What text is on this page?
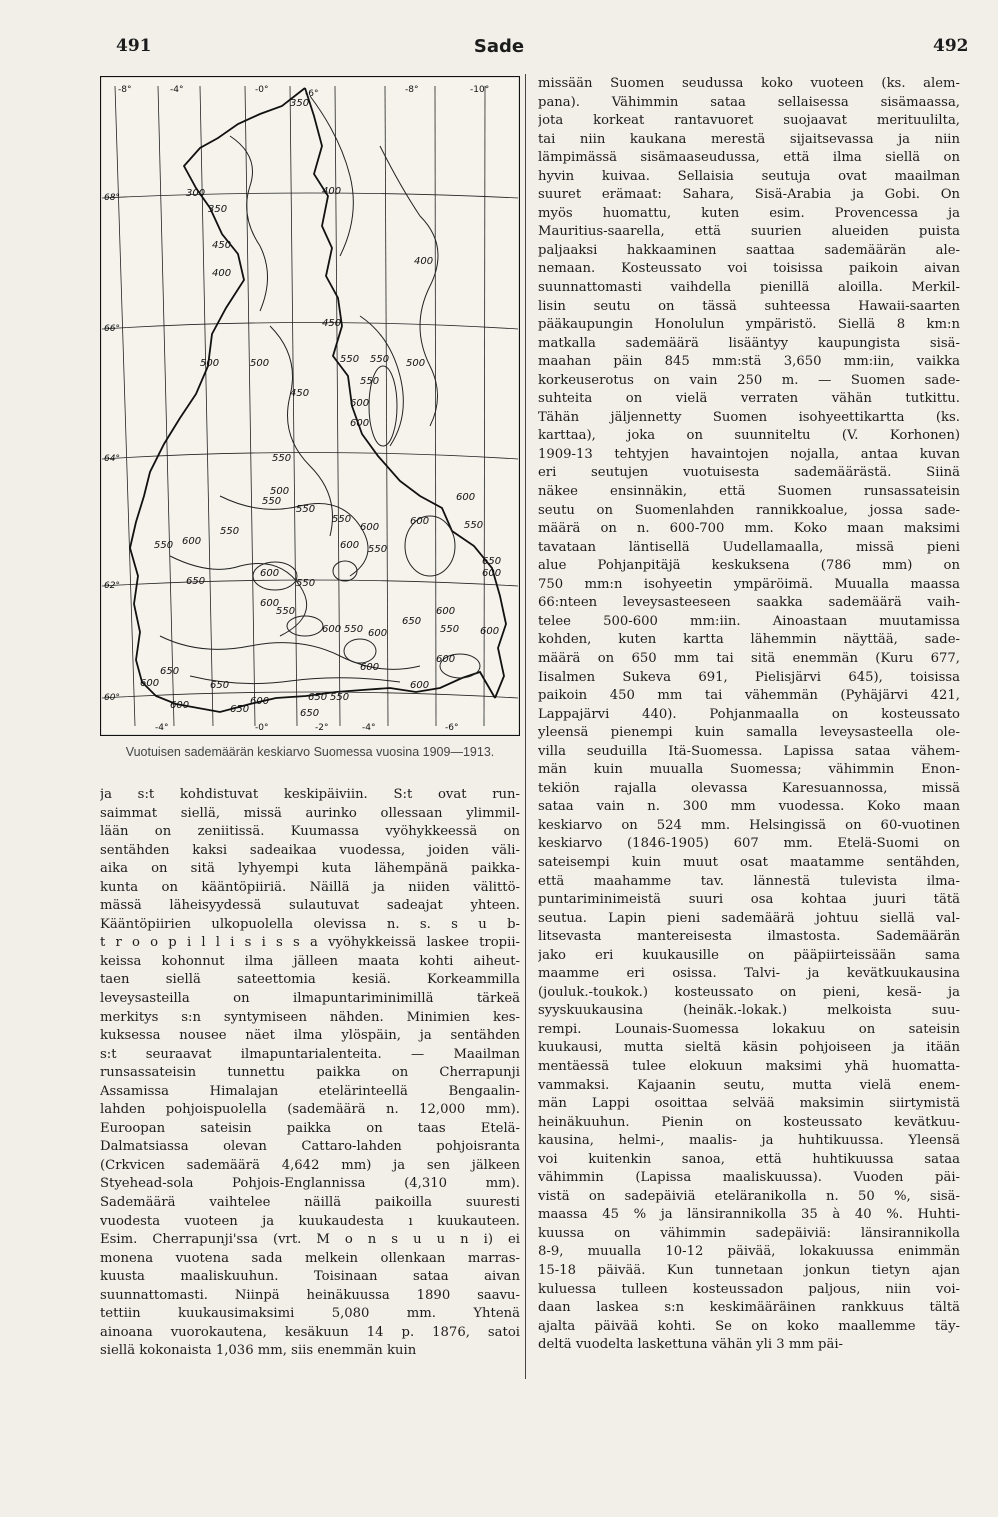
491	Sade	492
68°
66°
64°
62°
60°
-8°	-4°	-0°	-6°	-8°	-10°
-4°	-0°	-2°	-4°	-6°
350
300
350
400
400
450
400
450
550 550
500	500	500
600
550
450
600
550
500
550	600
600
550
550
550
600
550
550 600
550
600
550
600
650
600
550
600 550 600
650
600
550 600
650
600
600
650
600
650
600	650
600
600
550
600	650
650
Vuotuisen sademäärän keskiarvo Suomessa vuosina 1909—1913.
ja s:t kohdistuvat keskipäiviin. S:t ovat run-
saimmat siellä, missä aurinko ollessaan ylimmil-
lään on zeniitissä. Kuumassa vyöhykkeessä on
sentähden kaksi sadeaikaa vuodessa, joiden väli-
aika on sitä lyhyempi kuta lähempänä paikka-
kunta on kääntöpiiriä. Näillä ja niiden välittö-
mässä läheisyydessä sulautuvat sadeajat yhteen.
Kääntöpiirien ulkopuolella olevissa n. s. s u b-
t r o o p i l l i s i s s a vyöhykkeissä laskee tropii-
keissa kohonnut ilma jälleen maata kohti aiheut-
taen siellä sateettomia kesiä. Korkeammilla
leveysasteilla on ilmapuntariminimillä tärkeä
merkitys s:n syntymiseen nähden. Minimien kes-
kuksessa nousee näet ilma ylöspäin, ja sentähden
s:t seuraavat ilmapuntarialenteita. — Maailman
runsassateisin tunnettu paikka on Cherrapunji
Assamissa Himalajan etelärinteellä Bengaalin-
lahden pohjoispuolella (sademäärä n. 12,000 mm).
Euroopan sateisin paikka on taas Etelä-
Dalmatsiassa olevan Cattaro-lahden pohjoisranta
(Crkvicen sademäärä 4,642 mm) ja sen jälkeen
Styehead-sola Pohjois-Englannissa (4,310 mm).
Sademäärä vaihtelee näillä paikoilla suuresti
vuodesta vuoteen ja kuukaudesta ı kuukauteen.
Esim. Cherrapunji'ssa (vrt. M o n s u u n i) ei
monena vuotena sada melkein ollenkaan marras-
kuusta maaliskuuhun. Toisinaan sataa aivan
suunnattomasti. Niinpä heinäkuussa 1890 saavu-
tettiin kuukausimaksimi 5,080 mm. Yhtenä
ainoana vuorokautena, kesäkuun 14 p. 1876, satoi
siellä kokonaista 1,036 mm, siis enemmän kuin
missään Suomen seudussa koko vuoteen (ks. alem-
pana). Vähimmin sataa sellaisessa sisämaassa,
jota korkeat rantavuoret suojaavat merituulilta,
tai niin kaukana merestä sijaitsevassa ja niin
lämpimässä sisämaaseudussa, että ilma siellä on
hyvin kuivaa. Sellaisia seutuja ovat maailman
suuret erämaat: Sahara, Sisä-Arabia ja Gobi. On
myös huomattu, kuten esim. Provencessa ja
Mauritius-saarella, että suurien alueiden puista
paljaaksi hakkaaminen saattaa sademäärän ale-
nemaan. Kosteussato voi toisissa paikoin aivan
suunnattomasti vaihdella pienillä aloilla. Merkil-
lisin seutu on tässä suhteessa Hawaii-saarten
pääkaupungin Honolulun ympäristö. Siellä 8 km:n
matkalla sademäärä lisääntyy kaupungista sisä-
maahan päin 845 mm:stä 3,650 mm:iin, vaikka
korkeuserotus on vain 250 m. — Suomen sade-
suhteita on vielä verraten vähän tutkittu.
Tähän jäljennetty Suomen isohyeettikartta (ks.
karttaa), joka on suunniteltu (V. Korhonen)
1909-13 tehtyjen havaintojen nojalla, antaa kuvan
eri seutujen vuotuisesta sademäärästä. Siinä
näkee ensinnäkin, että Suomen runsassateisin
seutu on Suomenlahden rannikkoalue, jossa sade-
määrä on n. 600-700 mm. Koko maan maksimi
tavataan läntisellä Uudellamaalla, missä pieni
alue Pohjanpitäjä keskuksena (786 mm) on
750 mm:n isohyeetin ympäröimä. Muualla maassa
66:nteen leveysasteeseen saakka sademäärä vaih-
telee 500-600 mm:iin. Ainoastaan muutamissa
kohden, kuten kartta lähemmin näyttää, sade-
määrä on 650 mm tai sitä enemmän (Kuru 677,
Iisalmen Sukeva 691, Pielisjärvi 645), toisissa
paikoin 450 mm tai vähemmän (Pyhäjärvi 421,
Lappajärvi 440). Pohjanmaalla on kosteussato
yleensä pienempi kuin samalla leveysasteella ole-
villa seuduilla Itä-Suomessa. Lapissa sataa vähem-
män kuin muualla Suomessa; vähimmin Enon-
tekiön rajalla olevassa Karesuannossa, missä
sataa vain n. 300 mm vuodessa. Koko maan
keskiarvo on 524 mm. Helsingissä on 60-vuotinen
keskiarvo (1846-1905) 607 mm. Etelä-Suomi on
sateisempi kuin muut osat maatamme sentähden,
että maahamme tav. lännestä tulevista ilma-
puntariminimeistä suuri osa kohtaa juuri tätä
seutua. Lapin pieni sademäärä johtuu siellä val-
litsevasta mantereisesta ilmastosta. Sademäärän
jako eri kuukausille on pääpiirteissään sama
maamme eri osissa. Talvi- ja kevätkuukausina
(jouluk.-toukok.) kosteussato on pieni, kesä- ja
syyskuukausina (heinäk.-lokak.) melkoista suu-
rempi. Lounais-Suomessa lokakuu on sateisin
kuukausi, mutta sieltä käsin pohjoiseen ja itään
mentäessä tulee elokuun maksimi yhä huomatta-
vammaksi. Kajaanin seutu, mutta vielä enem-
män Lappi osoittaa selvää maksimin siirtymistä
heinäkuuhun. Pienin on kosteussato kevätkuu-
kausina, helmi-, maalis- ja huhtikuussa. Yleensä
voi kuitenkin sanoa, että huhtikuussa sataa
vähimmin (Lapissa maaliskuussa). Vuoden päi-
vistä on sadepäiviä eteläranikolla n. 50 %, sisä-
maassa 45 % ja länsirannikolla 35 à 40 %. Huhti-
kuussa on vähimmin sadepäiviä: länsirannikolla
8-9, muualla 10-12 päivää, lokakuussa enimmän
15-18 päivää. Kun tunnetaan jonkun tietyn ajan
kuluessa tulleen kosteussadon paljous, niin voi-
daan laskea s:n keskimääräinen rankkuus tältä
ajalta päivää kohti. Se on koko maallemme täy-
deltä vuodelta laskettuna vähän yli 3 mm päi-
